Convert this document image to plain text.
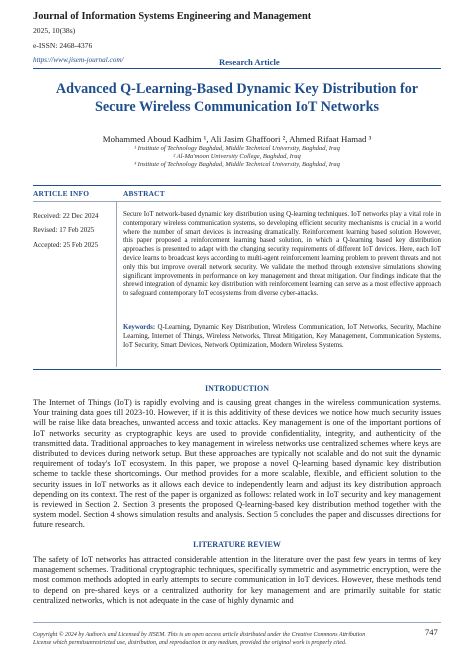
Journal of Information Systems Engineering and Management
2025, 10(38s)
e-ISSN: 2468-4376
https://www.jisem-journal.com/	Research Article
Advanced Q-Learning-Based Dynamic Key Distribution for
Secure Wireless Communication IoT Networks
Mohammed Aboud Kadhim ¹, Ali Jasim Ghaffoori ², Ahmed Rifaat Hamad ³
¹ Institute of Technology Baghdad, Middle Technical University, Baghdad, Iraq
² Al-Ma'moon University College, Baghdad, Iraq
³ Institute of Technology Baghdad, Middle Technical University, Baghdad, Iraq
ARTICLE INFO	ABSTRACT
Received: 22 Dec 2024
Revised: 17 Feb 2025
Accepted: 25 Feb 2025
Secure IoT network-based dynamic key distribution using Q-learning techniques. IoT networks play a vital role in contemporary wireless communication systems, so developing efficient security mechanisms is crucial in a world where the number of smart devices is increasing dramatically. Reinforcement learning based solution However, this paper proposed a reinforcement learning based solution, in which a Q-learning based key distribution approaches is presented to adapt with the changing security requirements of different IoT devices. Here, each IoT device learns to broadcast keys according to multi-agent reinforcement learning problem to prevent threats and not only this but improve overall network security. We validate the method through extensive simulations showing significant improvements in performance on key management and threat mitigation. Our findings indicate that the shrewd integration of dynamic key distribution with reinforcement learning can serve as a most effective approach to safeguard contemporary IoT ecosystems from diverse cyber-attacks.
Keywords: Q-Learning, Dynamic Key Distribution, Wireless Communication, IoT Networks, Security, Machine Learning, Internet of Things, Wireless Networks, Threat Mitigation, Key Management, Communication Systems, IoT Security, Smart Devices, Network Optimization, Modern Wireless Systems.
INTRODUCTION
The Internet of Things (IoT) is rapidly evolving and is causing great changes in the wireless communication systems. Your training data goes till 2023-10. However, if it is this additivity of these devices we notice how much security issues will be raise like data breaches, unwanted access and toxic attacks. Key management is one of the important portions of IoT networks security as cryptographic keys are used to provide confidentiality, integrity, and authenticity of the transmitted data. Traditional approaches to key management in wireless networks use centralized schemes where keys are distributed to devices during network setup. But these approaches are typically not scalable and do not suit the dynamic requirement of today's IoT ecosystem. In this paper, we propose a novel Q-learning based dynamic key distribution scheme to tackle these shortcomings. Our method provides for a more scalable, flexible, and efficient solution to the security issues in IoT networks as it allows each device to independently learn and adjust its key distribution approach depending on its context. The rest of the paper is organized as follows: related work in IoT security and key management is reviewed in Section 2. Section 3 presents the proposed Q-learning-based key distribution method together with the system model. Section 4 shows simulation results and analysis. Section 5 concludes the paper and discusses directions for future research.
LITERATURE REVIEW
The safety of IoT networks has attracted considerable attention in the literature over the past few years in terms of key management schemes. Traditional cryptographic techniques, specifically symmetric and asymmetric encryption, were the most common methods adopted in early attempts to secure communication in IoT devices. However, these methods tend to depend on pre-shared keys or a centralized authority for key management and are primarily suitable for static centralized networks, which is not adequate in the case of highly dynamic and
Copyright © 2024 by Author/s and Licensed by JISEM. This is an open access article distributed under the Creative Commons Attribution License which permitsunrestricted use, distribution, and reproduction in any medium, provided the original work is properly cited.
747
